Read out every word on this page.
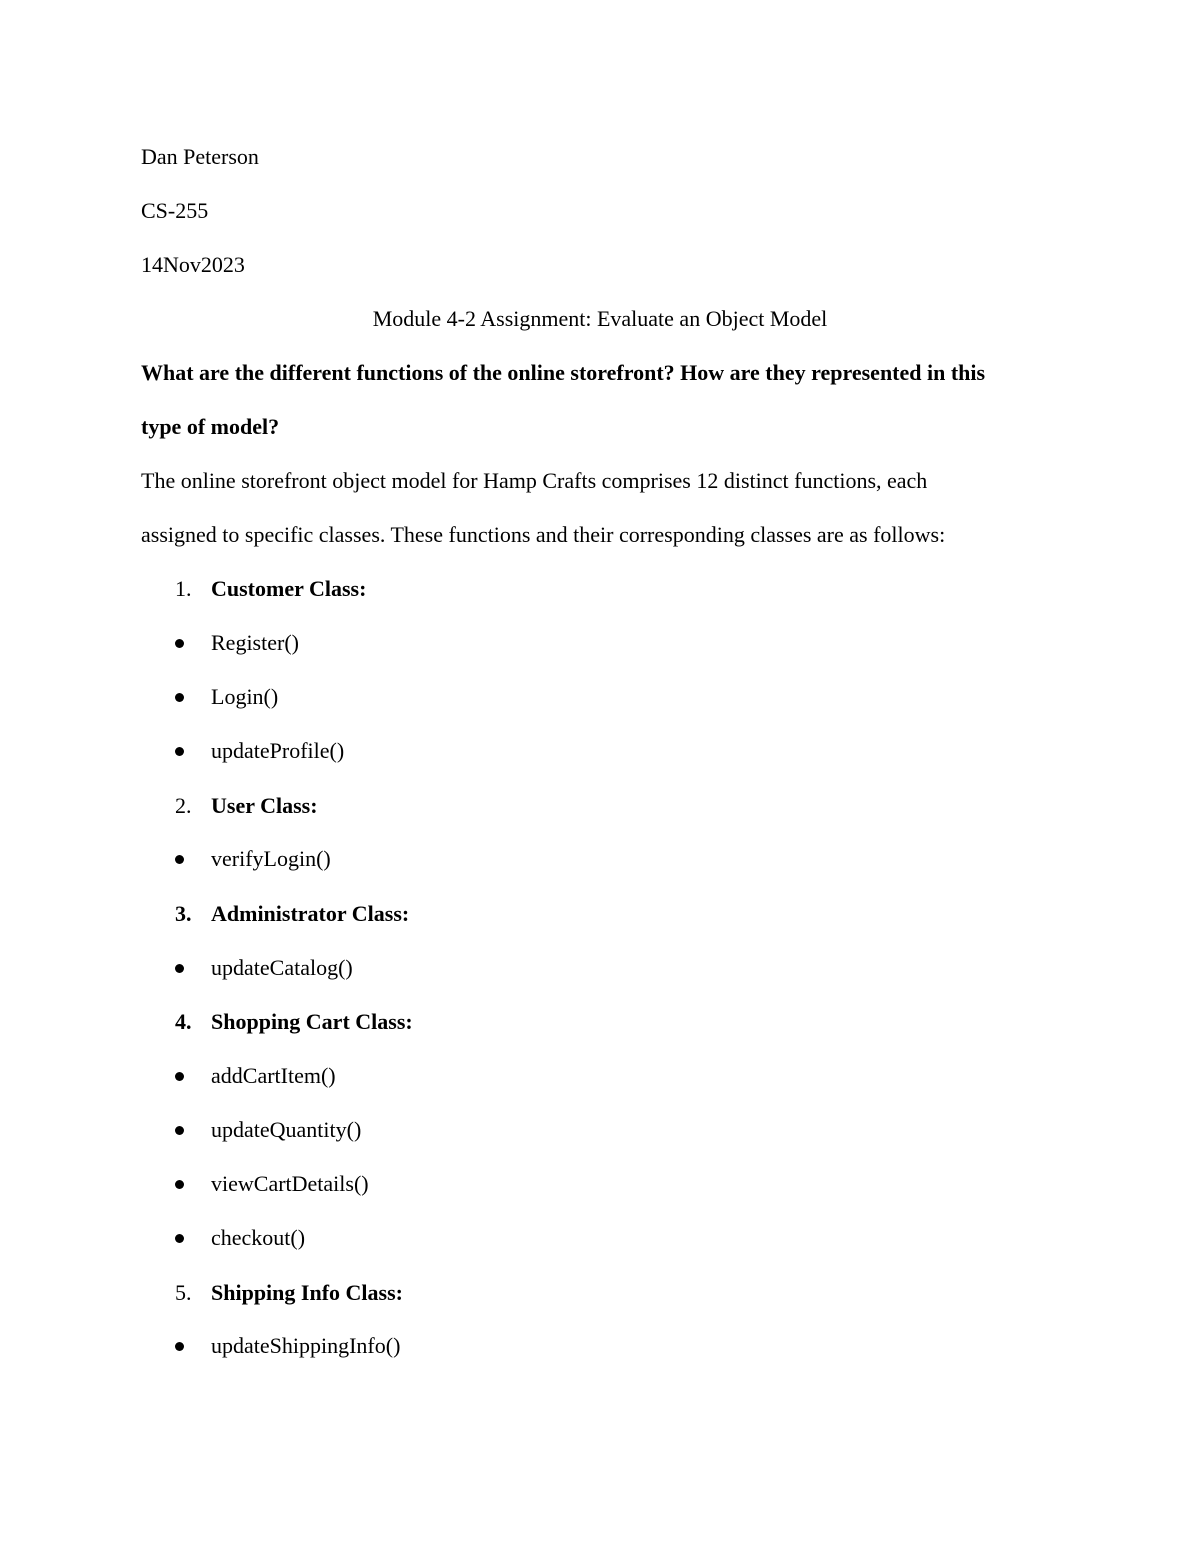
Dan Peterson
CS-255
14Nov2023
Module 4-2 Assignment: Evaluate an Object Model
What are the different functions of the online storefront? How are they represented in this
type of model?
The online storefront object model for Hamp Crafts comprises 12 distinct functions, each
assigned to specific classes. These functions and their corresponding classes are as follows:
1. Customer Class:
Register()
Login()
updateProfile()
2. User Class:
verifyLogin()
3. Administrator Class:
updateCatalog()
4. Shopping Cart Class:
addCartItem()
updateQuantity()
viewCartDetails()
checkout()
5. Shipping Info Class:
updateShippingInfo()
